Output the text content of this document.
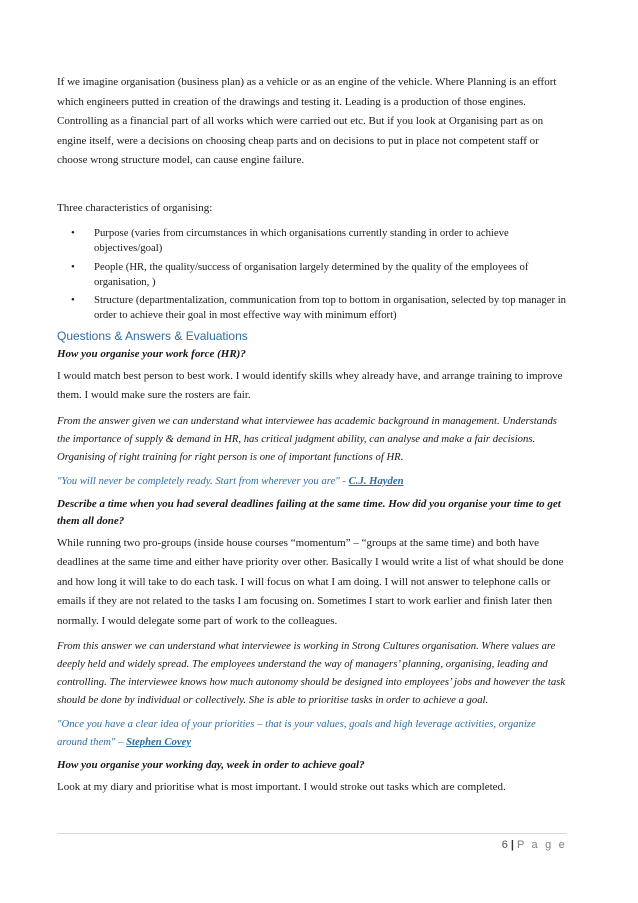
If we imagine organisation (business plan) as a vehicle or as an engine of the vehicle. Where Planning is an effort which engineers putted in creation of the drawings and testing it. Leading is a production of those engines. Controlling as a financial part of all works which were carried out etc. But if you look at Organising part as on engine itself, were a decisions on choosing cheap parts and on decisions to put in place not competent staff or choose wrong structure model, can cause engine failure.

Three characteristics of organising:

• Purpose (varies from circumstances in which organisations currently standing in order to achieve objectives/goal)
• People (HR, the quality/success of organisation largely determined by the quality of the employees of organisation, )
• Structure (departmentalization, communication from top to bottom in organisation, selected by top manager in order to achieve their goal in most effective way with minimum effort)
Questions & Answers & Evaluations

How you organise your work force (HR)?

I would match best person to best work. I would identify skills whey already have, and arrange training to improve them. I would make sure the rosters are fair.

From the answer given we can understand what interviewee has academic background in management. Understands the importance of supply & demand in HR, has critical judgment ability, can analyse and make a fair decisions. Organising of right training for right person is one of important functions of HR.

"You will never be completely ready. Start from wherever you are" - C.J. Hayden

Describe a time when you had several deadlines failing at the same time. How did you organise your time to get them all done?

While running two pro-groups (inside house courses “momentum” – “groups at the same time) and both have deadlines at the same time and either have priority over other. Basically I would write a list of what should be done and how long it will take to do each task. I will focus on what I am doing. I will not answer to telephone calls or emails if they are not related to the tasks I am focusing on. Sometimes I start to work earlier and finish later then normally. I would delegate some part of work to the colleagues.

From this answer we can understand what interviewee is working in Strong Cultures organisation. Where values are deeply held and widely spread. The employees understand the way of managers’ planning, organising, leading and controlling. The interviewee knows how much autonomy should be designed into employees’ jobs and however the task should be done by individual or collectively. She is able to prioritise tasks in order to achieve a goal.

"Once you have a clear idea of your priorities – that is your values, goals and high leverage activities, organize around them" – Stephen Covey

How you organise your working day, week in order to achieve goal?

Look at my diary and prioritise what is most important. I would stroke out tasks which are completed.

6 | P a g e
